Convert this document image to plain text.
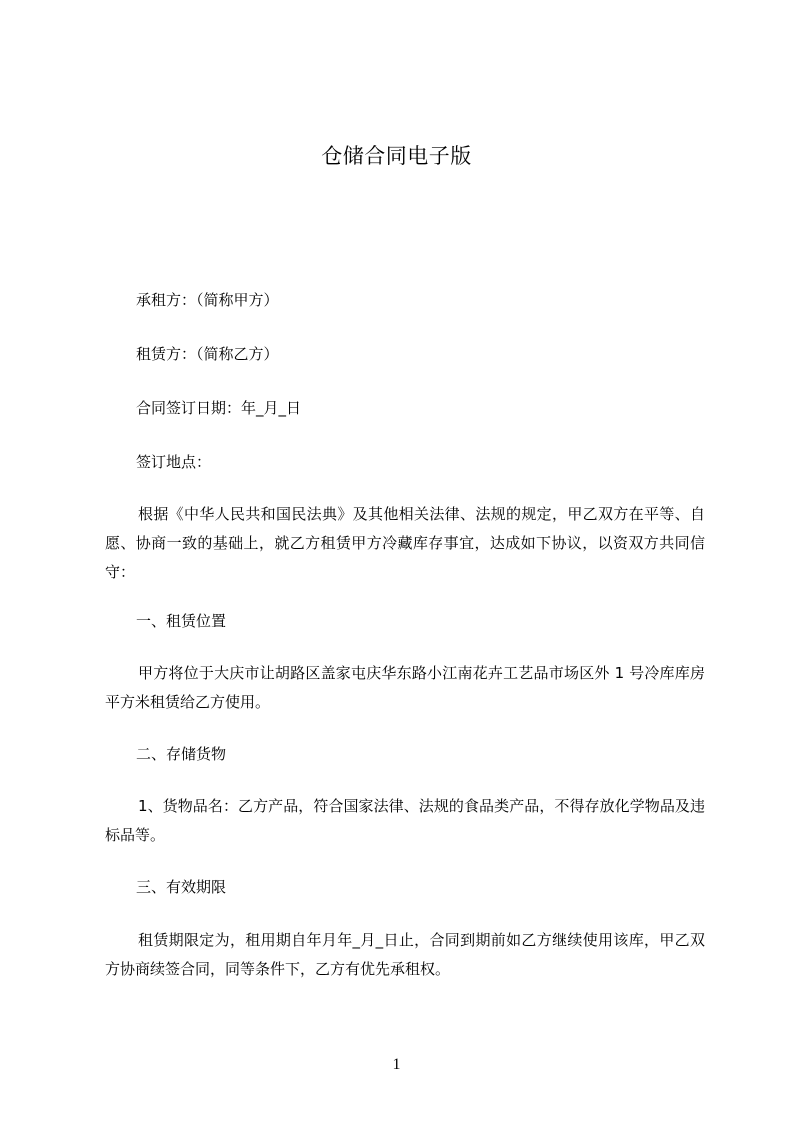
仓储合同电子版
承租方：（简称甲方）
租赁方：（简称乙方）
合同签订日期：年_月_日
签订地点：
根据《中华人民共和国民法典》及其他相关法律、法规的规定，甲乙双方在平等、自愿、协商一致的基础上，就乙方租赁甲方冷藏库存事宜，达成如下协议，以资双方共同信守：
一、租赁位置
甲方将位于大庆市让胡路区盖家屯庆华东路小江南花卉工艺品市场区外 1 号冷库库房平方米租赁给乙方使用。
二、存储货物
1、货物品名：乙方产品，符合国家法律、法规的食品类产品，不得存放化学物品及违标品等。
三、有效期限
租赁期限定为，租用期自年月年_月_日止，合同到期前如乙方继续使用该库，甲乙双方协商续签合同，同等条件下，乙方有优先承租权。
1
